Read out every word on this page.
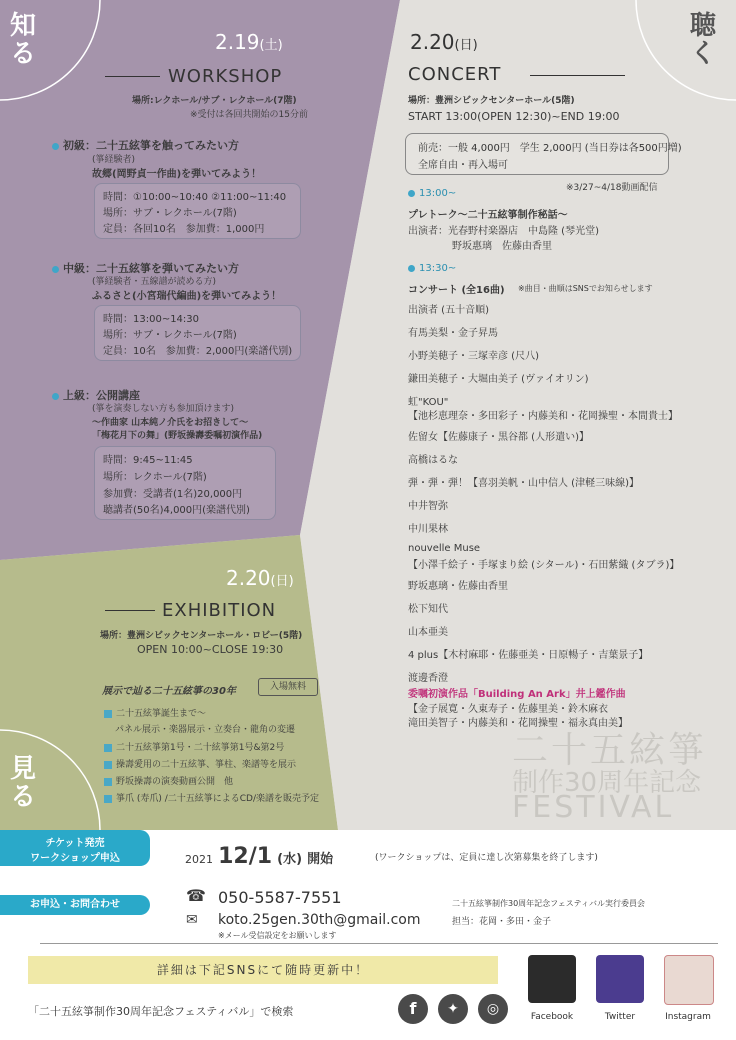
知る
聴く
見る
2.19(土)
WORKSHOP
場所:レクホール/サブ・レクホール(7階)
※受付は各回共開始の15分前
初級：二十五絃箏を触ってみたい方
(箏経験者)
故郷(岡野貞一作曲)を弾いてみよう！
時間：①10:00~10:40 ②11:00~11:40
場所：サブ・レクホール(7階)
定員：各回10名　参加費：1,000円
中級：二十五絃箏を弾いてみたい方
(箏経験者・五線譜が読める方)
ふるさと(小宮瑞代編曲)を弾いてみよう！
時間：13:00~14:30
場所：サブ・レクホール(7階)
定員：10名　参加費：2,000円(楽譜代別)
上級：公開講座
(箏を演奏しない方も参加頂けます)
～作曲家 山本純ノ介氏をお招きして～
「梅花月下の舞」(野坂操壽委嘱初演作品)
時間：9:45~11:45
場所：レクホール(7階)
参加費：受講者(1名)20,000円
聴講者(50名)4,000円(楽譜代別)
2.20(日)
CONCERT
場所：豊洲シビックセンターホール(5階)
START 13:00(OPEN 12:30)~END 19:00
前売：一般 4,000円　学生 2,000円 (当日券は各500円増)
全席自由・再入場可
※3/27~4/18動画配信
13:00~
プレトーク～二十五絃箏制作秘話～
出演者：光春野村楽器店　中島隆 (琴光堂)
野坂惠璃　佐藤由香里
13:30~
コンサート (全16曲) ※曲目・曲順はSNSでお知らせします
出演者 (五十音順)
有馬美梨・金子昇馬
小野美穂子・三塚幸彦 (尺八)
鎌田美穂子・大堀由美子 (ヴァイオリン)
虹"KOU"
【池杉恵理奈・多田彩子・内藤美和・花岡操聖・本間貴士】
佐留女【佐藤康子・黒谷都 (人形遣い)】
高橋はるな
弾・弾・弾！【喜羽美帆・山中信人 (津軽三味線)】
中井智弥
中川果林
nouvelle Muse
【小澤千絵子・手塚まり絵 (シタール)・石田紫織 (タブラ)】
野坂惠璃・佐藤由香里
松下知代
山本亜美
4 plus【木村麻耶・佐藤亜美・日原暢子・吉葉景子】
渡邊香澄
委嘱初演作品「Building An Ark」井上鑑作曲
【金子展寛・久東寿子・佐藤里美・鈴木麻衣
滝田美智子・内藤美和・花岡操聖・福永真由美】
二十五絃箏
制作30周年記念
FESTIVAL
2.20(日)
EXHIBITION
場所：豊洲シビックセンターホール・ロビー(5階)
OPEN 10:00~CLOSE 19:30
展示で辿る二十五絃箏の30年	入場無料
二十五絃箏誕生まで～
パネル展示・楽器展示・立奏台・龍角の変遷
二十五絃箏第1号・二十絃箏第1号&第2号
操壽愛用の二十五絃箏、箏柱、楽譜等を展示
野坂操壽の演奏動画公開　他
箏爪 (寿爪) /二十五絃箏によるCD/楽譜を販売予定
チケット発売
ワークショップ申込	2021 12/1 (水) 開始	(ワークショップは、定員に達し次第募集を終了します)
お申込・お問合わせ	☎ 050-5587-7551
✉ koto.25gen.30th@gmail.com
※メール受信設定をお願いします
二十五絃箏制作30周年記念フェスティバル実行委員会
担当：花岡・多田・金子
詳細は下記SNSにて随時更新中！
「二十五絃箏制作30周年記念フェスティバル」で検索	f	✦	◎	Facebook	Twitter	Instagram
